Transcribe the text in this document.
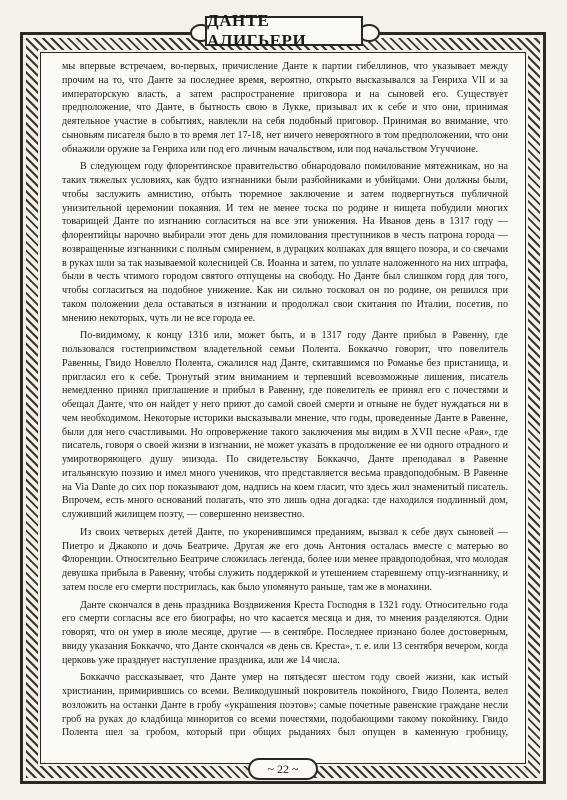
ДАНТЕ АЛИГЬЕРИ

мы впервые встречаем, во-первых, причисление Данте к партии гибеллинов, что указывает между прочим на то, что Данте за последнее время, вероятно, открыто высказывался за Генриха VII и за императорскую власть, а затем распространение приговора и на сыновей его. Существует предположение, что Данте, в бытность свою в Лукке, призывал их к себе и что они, принимая деятельное участие в событиях, навлекли на себя подобный приговор. Принимая во внимание, что сыновьям писателя было в то время лет 17-18, нет ничего невероятного в том предположении, что они обнажили оружие за Генриха или под его личным начальством, или под начальством Угуччионе.

В следующем году флорентинское правительство обнародовало помилование мятежникам, но на таких тяжелых условиях, как будто изгнанники были разбойниками и убийцами. Они должны были, чтобы заслужить амнистию, отбыть тюремное заключение и затем подвергнуться публичной унизительной церемонии покаяния. И тем не менее тоска по родине и нищета побудили многих товарищей Данте по изгнанию согласиться на все эти унижения. На Иванов день в 1317 году — флорентийцы нарочно выбирали этот день для помилования преступников в честь патрона города — возвращенные изгнанники с полным смирением, в дурацких колпаках для вящего позора, и со свечами в руках шли за так называемой колесницей Св. Иоанна и затем, по уплате наложенного на них штрафа, были в честь чтимого городом святого отпущены на свободу. Но Данте был слишком горд для того, чтобы согласиться на подобное унижение. Как ни сильно тосковал он по родине, он решился при таком положении дела оставаться в изгнании и продолжал свои скитания по Италии, посетив, по мнению некоторых, чуть ли не все города ее.

По-видимому, к концу 1316 или, может быть, и в 1317 году Данте прибыл в Равенну, где пользовался гостеприимством владетельной семьи Полента. Боккаччо говорит, что повелитель Равенны, Гвидо Новелло Полента, сжалился над Данте, скитавшимся по Романье без пристанища, и пригласил его к себе. Тронутый этим вниманием и терпевший всевозможные лишения, писатель немедленно принял приглашение и прибыл в Равенну, где повелитель ее принял его с почестями и обещал Данте, что он найдет у него приют до самой своей смерти и отныне не будет нуждаться ни в чем необходимом. Некоторые историки высказывали мнение, что годы, проведенные Данте в Равенне, были для него счастливыми. Но опровержение такого заключения мы видим в XVII песне «Рая», где писатель, говоря о своей жизни в изгнании, не может указать в продолжение ее ни одного отрадного и умиротворяющего душу эпизода. По свидетельству Боккаччо, Данте преподавал в Равенне итальянскую поэзию и имел много учеников, что представляется весьма правдоподобным. В Равенне на Via Dante до сих пор показывают дом, надпись на коем гласит, что здесь жил знаменитый писатель. Впрочем, есть много оснований полагать, что это лишь одна догадка: где находился подлинный дом, служивший жилищем поэту, — совершенно неизвестно.

Из своих четверых детей Данте, по укоренившимся преданиям, вызвал к себе двух сыновей — Пиетро и Джакопо и дочь Беатриче. Другая же его дочь Антония осталась вместе с матерью во Флоренции. Относительно Беатриче сложилась легенда, более или менее правдоподобная, что молодая девушка прибыла в Равенну, чтобы служить поддержкой и утешением старевшему отцу-изгнаннику, и затем после его смерти постриглась, как было упомянуто раньше, там же в монахини.

Данте скончался в день праздника Воздвижения Креста Господня в 1321 году. Относительно года его смерти согласны все его биографы, но что касается месяца и дня, то мнения разделяются. Одни говорят, что он умер в июле месяце, другие — в сентябре. Последнее признано более достоверным, ввиду указания Боккаччо, что Данте скончался «в день св. Креста», т. е. или 13 сентября вечером, когда церковь уже празднует наступление праздника, или же 14 числа.

Боккаччо рассказывает, что Данте умер на пятьдесят шестом году своей жизни, как истый христианин, примирившись со всеми. Великодушный покровитель покойного, Гвидо Полента, велел возложить на останки Данте в гробу «украшения поэтов»; самые почетные равенские граждане несли гроб на руках до кладбища миноритов со всеми почестями, подобающими такому покойнику. Гвидо Полента шел за гробом, который при общих рыданиях был опущен в каменную гробницу,

~ 22 ~
